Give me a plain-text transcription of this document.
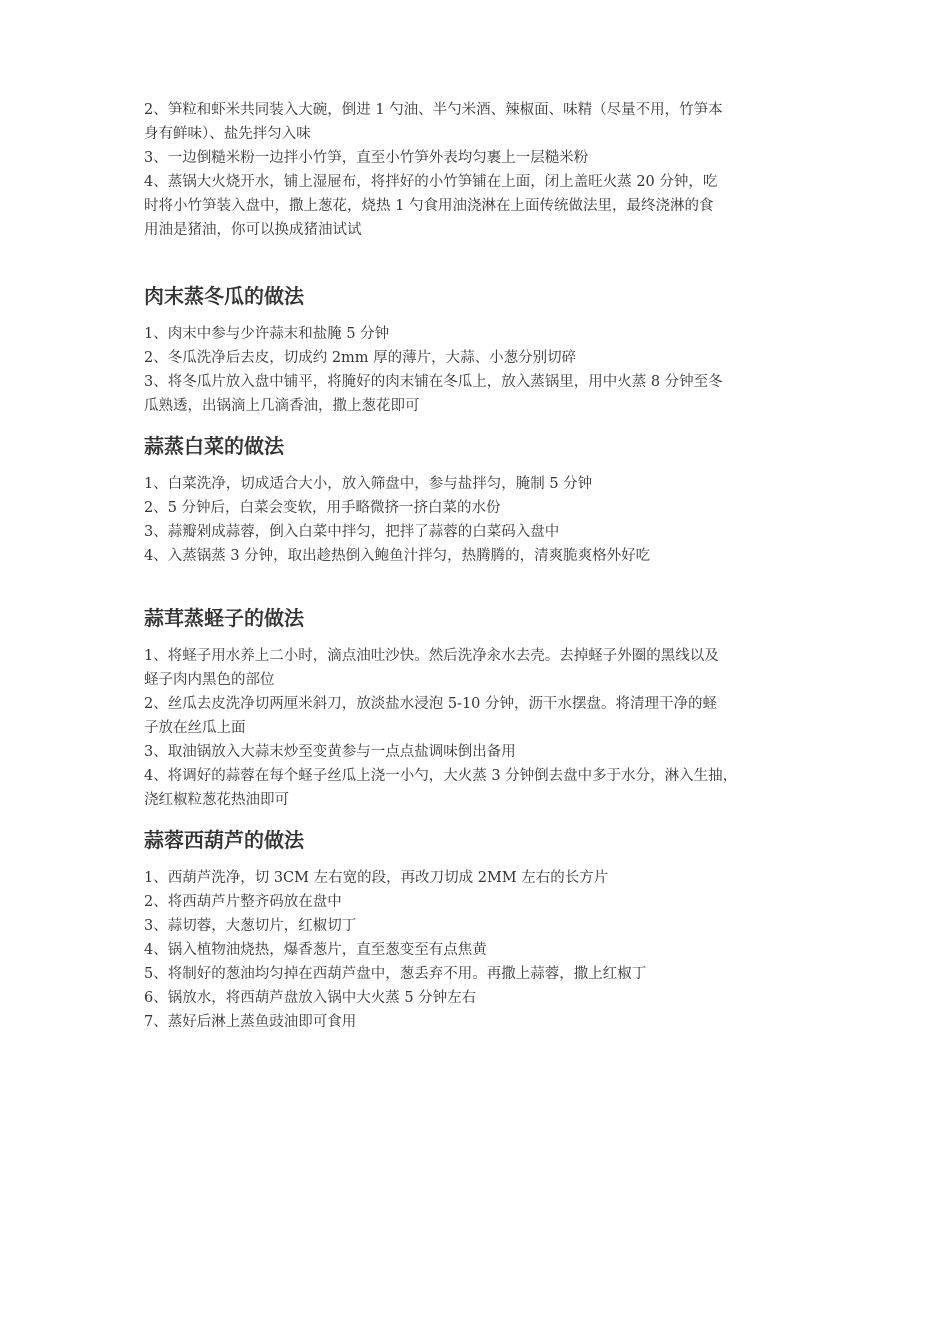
2、笋粒和虾米共同装入大碗，倒进 1 勺油、半勺米酒、辣椒面、味精（尽量不用，竹笋本

身有鲜味）、盐先拌匀入味

3、一边倒糙米粉一边拌小竹笋，直至小竹笋外表均匀裹上一层糙米粉

4、蒸锅大火烧开水，铺上湿屉布，将拌好的小竹笋铺在上面，闭上盖旺火蒸 20 分钟，吃

时将小竹笋装入盘中，撒上葱花，烧热 1 勺食用油浇淋在上面传统做法里，最终浇淋的食

用油是猪油，你可以换成猪油试试

肉末蒸冬瓜的做法

1、肉末中参与少许蒜末和盐腌 5 分钟

2、冬瓜洗净后去皮，切成约 2mm 厚的薄片，大蒜、小葱分别切碎

3、将冬瓜片放入盘中铺平，将腌好的肉末铺在冬瓜上，放入蒸锅里，用中火蒸 8 分钟至冬

瓜熟透，出锅滴上几滴香油，撒上葱花即可

蒜蒸白菜的做法

1、白菜洗净，切成适合大小，放入筛盘中，参与盐拌匀，腌制 5 分钟

2、5 分钟后，白菜会变软，用手略微挤一挤白菜的水份

3、蒜瓣剁成蒜蓉，倒入白菜中拌匀，把拌了蒜蓉的白菜码入盘中

4、入蒸锅蒸 3 分钟，取出趁热倒入鲍鱼汁拌匀，热腾腾的，清爽脆爽格外好吃

蒜茸蒸蛏子的做法

1、将蛏子用水养上二小时，滴点油吐沙快。然后洗净汆水去壳。去掉蛏子外圈的黑线以及

蛏子肉内黑色的部位

2、丝瓜去皮洗净切两厘米斜刀，放淡盐水浸泡 5-10 分钟，沥干水摆盘。将清理干净的蛏

子放在丝瓜上面

3、取油锅放入大蒜末炒至变黄参与一点点盐调味倒出备用

4、将调好的蒜蓉在每个蛏子丝瓜上浇一小勺，大火蒸 3 分钟倒去盘中多于水分，淋入生抽，

浇红椒粒葱花热油即可

蒜蓉西葫芦的做法

1、西葫芦洗净，切 3CM 左右宽的段，再改刀切成 2MM 左右的长方片

2、将西葫芦片整齐码放在盘中

3、蒜切蓉，大葱切片，红椒切丁

4、锅入植物油烧热，爆香葱片，直至葱变至有点焦黄

5、将制好的葱油均匀掉在西葫芦盘中，葱丢弃不用。再撒上蒜蓉，撒上红椒丁

6、锅放水，将西葫芦盘放入锅中大火蒸 5 分钟左右

7、蒸好后淋上蒸鱼豉油即可食用
